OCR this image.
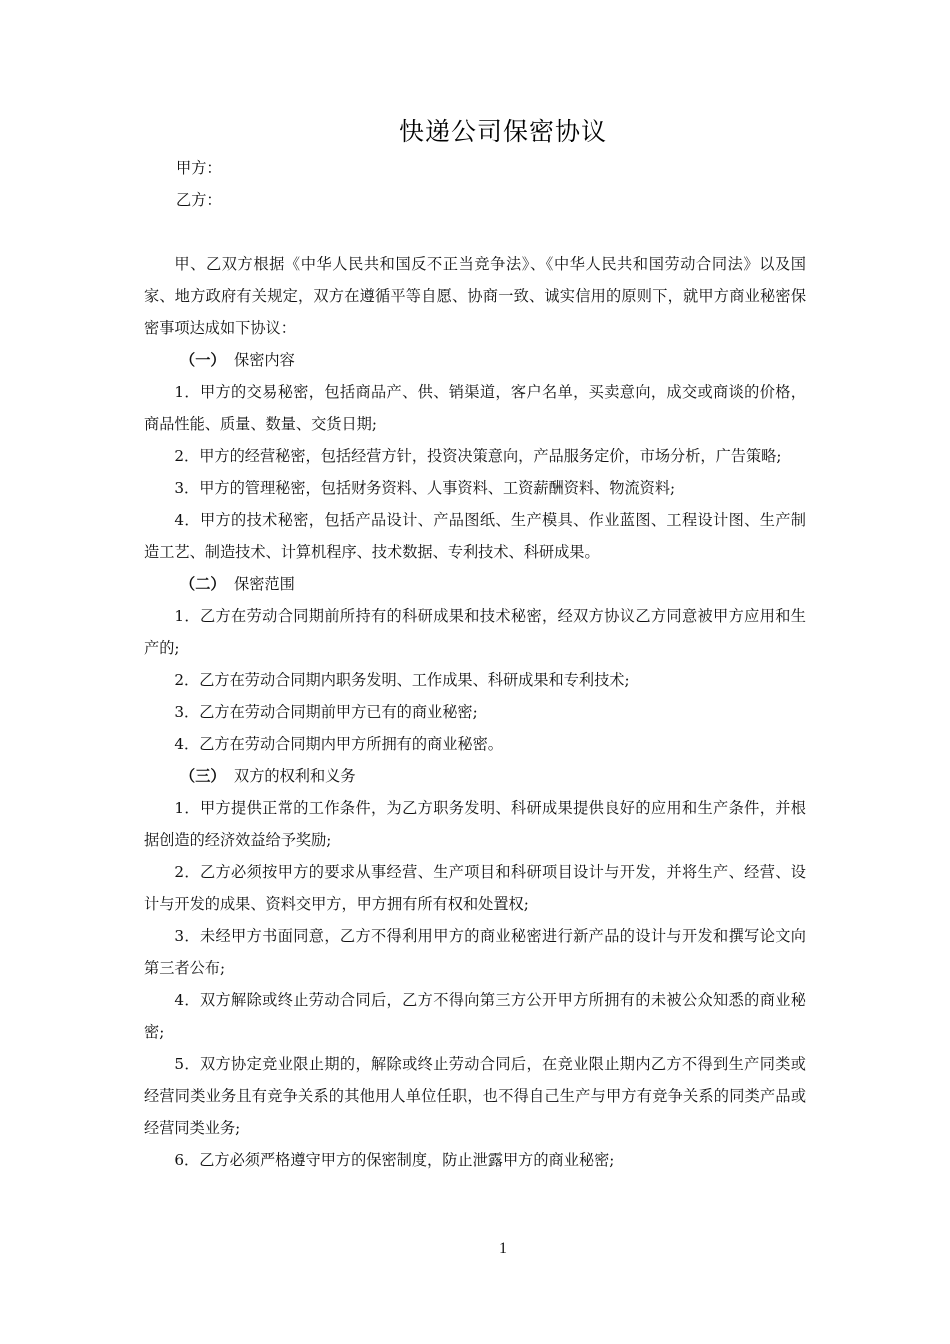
快递公司保密协议

甲方：

乙方：

甲、乙双方根据《中华人民共和国反不正当竞争法》、《中华人民共和国劳动合同法》以及国家、地方政府有关规定，双方在遵循平等自愿、协商一致、诚实信用的原则下，就甲方商业秘密保密事项达成如下协议：

（一） 保密内容

1．甲方的交易秘密，包括商品产、供、销渠道，客户名单，买卖意向，成交或商谈的价格，商品性能、质量、数量、交货日期;

2．甲方的经营秘密，包括经营方针，投资决策意向，产品服务定价，市场分析，广告策略;

3．甲方的管理秘密，包括财务资料、人事资料、工资薪酬资料、物流资料;

4．甲方的技术秘密，包括产品设计、产品图纸、生产模具、作业蓝图、工程设计图、生产制造工艺、制造技术、计算机程序、技术数据、专利技术、科研成果。

（二） 保密范围

1．乙方在劳动合同期前所持有的科研成果和技术秘密，经双方协议乙方同意被甲方应用和生产的;

2．乙方在劳动合同期内职务发明、工作成果、科研成果和专利技术;

3．乙方在劳动合同期前甲方已有的商业秘密;

4．乙方在劳动合同期内甲方所拥有的商业秘密。

（三） 双方的权利和义务

1．甲方提供正常的工作条件，为乙方职务发明、科研成果提供良好的应用和生产条件，并根据创造的经济效益给予奖励;

2．乙方必须按甲方的要求从事经营、生产项目和科研项目设计与开发，并将生产、经营、设计与开发的成果、资料交甲方，甲方拥有所有权和处置权;

3．未经甲方书面同意，乙方不得利用甲方的商业秘密进行新产品的设计与开发和撰写论文向第三者公布;

4．双方解除或终止劳动合同后，乙方不得向第三方公开甲方所拥有的未被公众知悉的商业秘密;

5．双方协定竞业限止期的，解除或终止劳动合同后，在竞业限止期内乙方不得到生产同类或经营同类业务且有竞争关系的其他用人单位任职，也不得自己生产与甲方有竞争关系的同类产品或经营同类业务;

6．乙方必须严格遵守甲方的保密制度，防止泄露甲方的商业秘密;

1
